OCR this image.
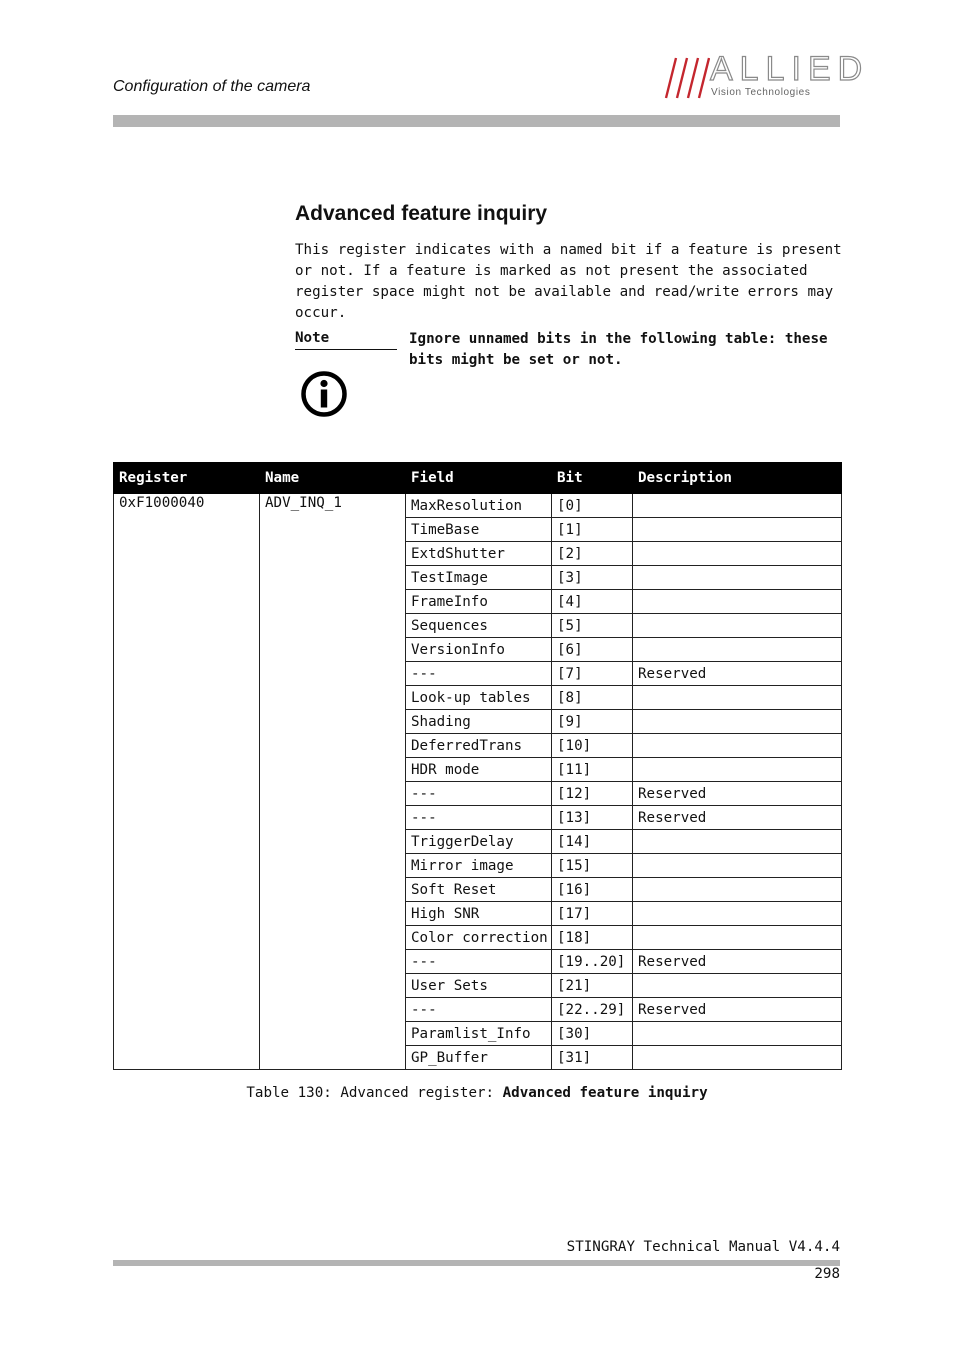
Configuration of the camera	ALLIED
Vision Technologies
Advanced feature inquiry
This register indicates with a named bit if a feature is present or not. If a feature is marked as not present the associated register space might not be available and read/write errors may occur.
Note	Ignore unnamed bits in the following table: these bits might be set or not.
Register	Name	Field	Bit	Description
0xF1000040	ADV_INQ_1	MaxResolution	[0]	
		TimeBase	[1]	
		ExtdShutter	[2]	
		TestImage	[3]	
		FrameInfo	[4]	
		Sequences	[5]	
		VersionInfo	[6]	
		---	[7]	Reserved
		Look-up tables	[8]	
		Shading	[9]	
		DeferredTrans	[10]	
		HDR mode	[11]	
		---	[12]	Reserved
		---	[13]	Reserved
		TriggerDelay	[14]	
		Mirror image	[15]	
		Soft Reset	[16]	
		High SNR	[17]	
		Color correction	[18]	
		---	[19..20]	Reserved
		User Sets	[21]	
		---	[22..29]	Reserved
		Paramlist_Info	[30]	
		GP_Buffer	[31]	
Table 130: Advanced register: Advanced feature inquiry
STINGRAY Technical Manual V4.4.4
298
